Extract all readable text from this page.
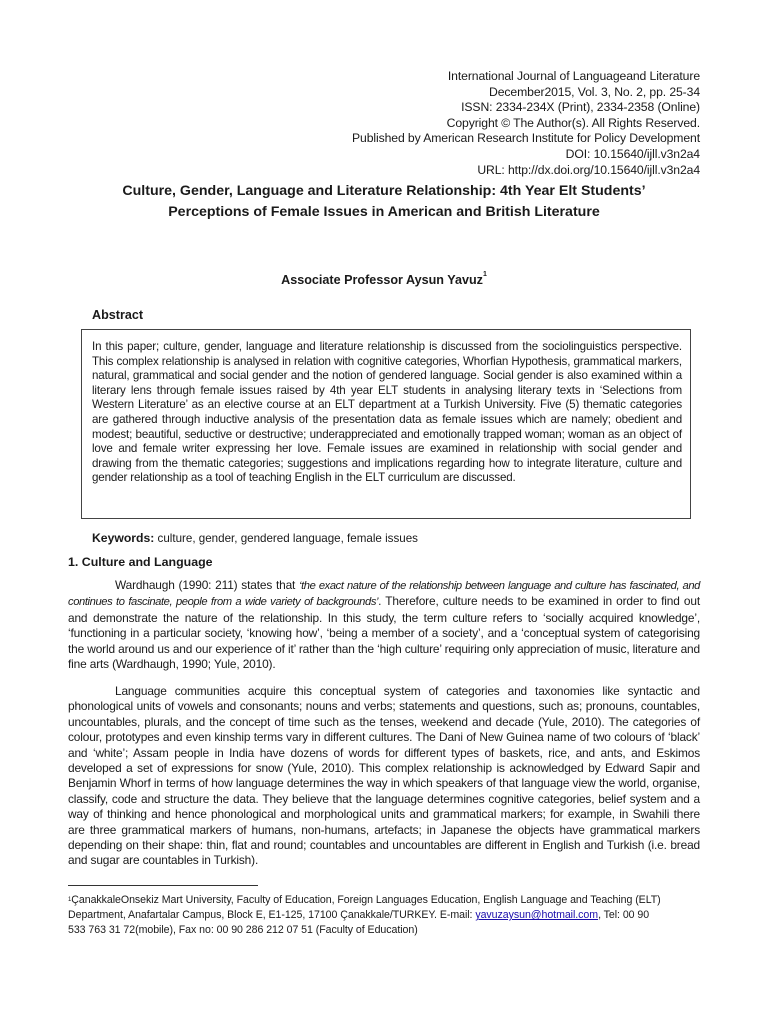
International Journal of Languageand Literature
December2015, Vol. 3, No. 2, pp. 25-34
ISSN: 2334-234X (Print), 2334-2358 (Online)
Copyright © The Author(s). All Rights Reserved.
Published by American Research Institute for Policy Development
DOI: 10.15640/ijll.v3n2a4
URL: http://dx.doi.org/10.15640/ijll.v3n2a4
Culture, Gender, Language and Literature Relationship: 4th Year Elt Students’
Perceptions of Female Issues in American and British Literature
Associate Professor Aysun Yavuz$^1$
Abstract
In this paper; culture, gender, language and literature relationship is discussed from the sociolinguistics perspective. This complex relationship is analysed in relation with cognitive categories, Whorfian Hypothesis, grammatical markers, natural, grammatical and social gender and the notion of gendered language. Social gender is also examined within a literary lens through female issues raised by 4th year ELT students in analysing literary texts in ‘Selections from Western Literature’ as an elective course at an ELT department at a Turkish University. Five (5) thematic categories are gathered through inductive analysis of the presentation data as female issues which are namely; obedient and modest; beautiful, seductive or destructive; underappreciated and emotionally trapped woman; woman as an object of love and female writer expressing her love. Female issues are examined in relationship with social gender and drawing from the thematic categories; suggestions and implications regarding how to integrate literature, culture and gender relationship as a tool of teaching English in the ELT curriculum are discussed.
Keywords: culture, gender, gendered language, female issues
1. Culture and Language

Wardhaugh (1990: 211) states that ‘the exact nature of the relationship between language and culture has fascinated, and continues to fascinate, people from a wide variety of backgrounds’. Therefore, culture needs to be examined in order to find out and demonstrate the nature of the relationship. In this study, the term culture refers to ‘socially acquired knowledge’, ‘functioning in a particular society, ‘knowing how’, ‘being a member of a society’, and a ‘conceptual system of categorising the world around us and our experience of it’ rather than the ‘high culture’ requiring only appreciation of music, literature and fine arts (Wardhaugh, 1990; Yule, 2010).

Language communities acquire this conceptual system of categories and taxonomies like syntactic and phonological units of vowels and consonants; nouns and verbs; statements and questions, such as; pronouns, countables, uncountables, plurals, and the concept of time such as the tenses, weekend and decade (Yule, 2010). The categories of colour, prototypes and even kinship terms vary in different cultures. The Dani of New Guinea name of two colours of ‘black’ and ‘white’; Assam people in India have dozens of words for different types of baskets, rice, and ants, and Eskimos developed a set of expressions for snow (Yule, 2010). This complex relationship is acknowledged by Edward Sapir and Benjamin Whorf in terms of how language determines the way in which speakers of that language view the world, organise, classify, code and structure the data. They believe that the language determines cognitive categories, belief system and a way of thinking and hence phonological and morphological units and grammatical markers; for example, in Swahili there are three grammatical markers of humans, non-humans, artefacts; in Japanese the objects have grammatical markers depending on their shape: thin, flat and round; countables and uncountables are different in English and Turkish (i.e. bread and sugar are countables in Turkish).

$^1$ÇanakkaleOnsekiz Mart University, Faculty of Education, Foreign Languages Education, English Language and Teaching (ELT)
Department, Anafartalar Campus, Block E, E1-125, 17100 Çanakkale/TURKEY. E-mail: yavuzaysun@hotmail.com, Tel: 00 90
533 763 31 72(mobile), Fax no: 00 90 286 212 07 51 (Faculty of Education)
